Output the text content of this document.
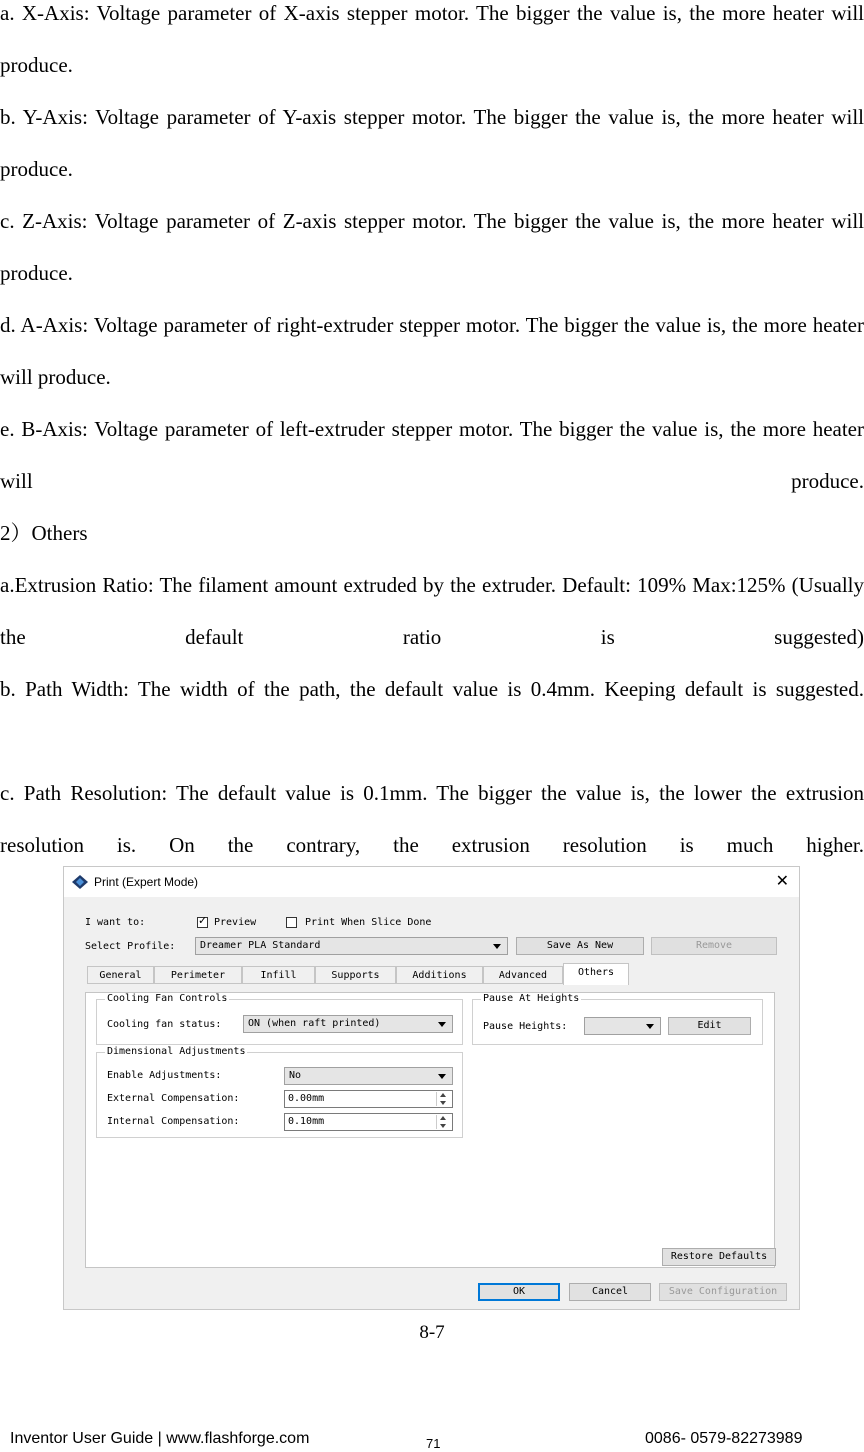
a. X-Axis: Voltage parameter of X-axis stepper motor. The bigger the value is, the more heater will produce.
b. Y-Axis: Voltage parameter of Y-axis stepper motor. The bigger the value is, the more heater will produce.
c. Z-Axis: Voltage parameter of Z-axis stepper motor. The bigger the value is, the more heater will produce.
d. A-Axis: Voltage parameter of right-extruder stepper motor. The bigger the value is, the more heater will produce.
e. B-Axis: Voltage parameter of left-extruder stepper motor. The bigger the value is, the more heater will produce.
2）Others
a.Extrusion Ratio: The filament amount extruded by the extruder. Default: 109% Max:125% (Usually the default ratio is suggested)
b. Path Width: The width of the path, the default value is 0.4mm. Keeping default is suggested.
c. Path Resolution: The default value is 0.1mm. The bigger the value is, the lower the extrusion resolution is. On the contrary, the extrusion resolution is much higher.
Print (Expert Mode)	✕
I want to:	✓ Preview	Print When Slice Done
Select Profile: Dreamer PLA Standard	Save As New	Remove
General	Perimeter	Infill	Supports	Additions	Advanced
Cooling Fan Controls
Cooling fan status:	ON (when raft printed)
Pause At Heights
Pause Heights:	Edit
Dimensional Adjustments
Enable Adjustments:	No
External Compensation:	0.00mm
Internal Compensation:	0.10mm
Others
Restore Defaults
OK	Cancel	Save Configuration
8-7
Inventor User Guide | www.flashforge.com	71	0086- 0579-82273989
